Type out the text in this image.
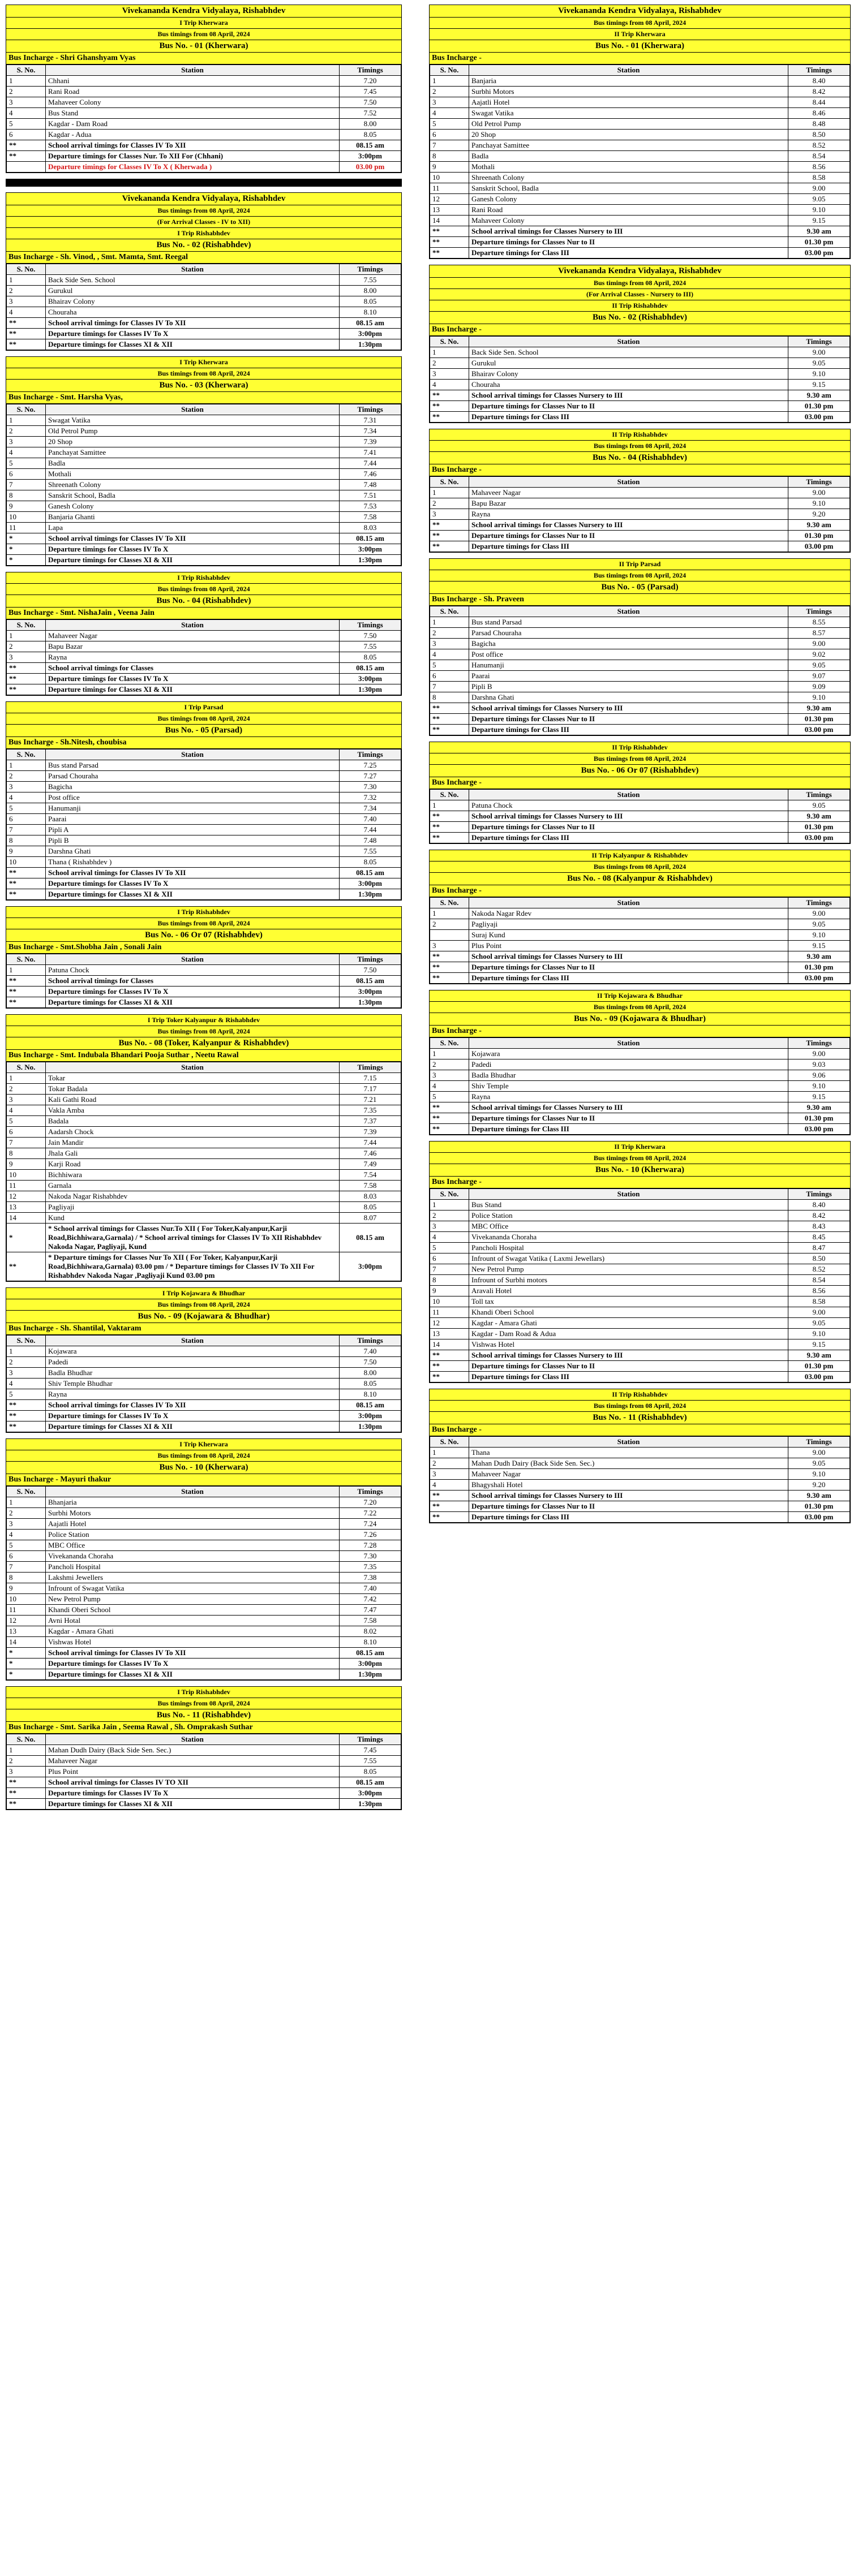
Vivekananda Kendra Vidyalaya, Rishabhdev
I Trip Kherwara
Bus timings from 08 April, 2024
Bus No. - 01 (Kherwara)
Bus Incharge - Shri Ghanshyam Vyas
S. No.	Station	Timings
1	Chhani	7.20
2	Rani Road	7.45
3	Mahaveer Colony	7.50
4	Bus Stand	7.52
5	Kagdar - Dam Road	8.00
6	Kagdar - Adua	8.05
**	School arrival timings for Classes IV To XII	08.15 am
**	Departure timings for Classes Nur. To XII For (Chhani)	3:00pm
	Departure timings for Classes IV To X ( Kherwada )	03.00 pm
Vivekananda Kendra Vidyalaya, Rishabhdev
Bus timings from 08 April, 2024
(For Arrival Classes - IV to XII)
I Trip Rishabhdev
Bus No. - 02 (Rishabhdev)
Bus Incharge - Sh. Vinod, , Smt. Mamta, Smt. Reegal
S. No.	Station	Timings
1	Back Side Sen. School	7.55
2	Gurukul	8.00
3	Bhairav Colony	8.05
4	Chouraha	8.10
**	School arrival timings for Classes IV To XII	08.15 am
**	Departure timings for Classes IV To X	3:00pm
**	Departure timings for Classes XI & XII	1:30pm
I Trip Kherwara
Bus timings from 08 April, 2024
Bus No. - 03 (Kherwara)
Bus Incharge - Smt. Harsha Vyas,
S. No.	Station	Timings
1	Swagat Vatika	7.31
2	Old Petrol Pump	7.34
3	20 Shop	7.39
4	Panchayat Samittee	7.41
5	Badla	7.44
6	Mothali	7.46
7	Shreenath Colony	7.48
8	Sanskrit School, Badla	7.51
9	Ganesh Colony	7.53
10	Banjaria Ghanti	7.58
11	Lapa	8.03
*	School arrival timings for Classes IV To XII	08.15 am
*	Departure timings for Classes IV To X	3:00pm
*	Departure timings for Classes XI & XII	1:30pm
I Trip Rishabhdev
Bus timings from 08 April, 2024
Bus No. - 04 (Rishabhdev)
Bus Incharge - Smt. NishaJain , Veena Jain
S. No.	Station	Timings
1	Mahaveer Nagar	7.50
2	Bapu Bazar	7.55
3	Rayna	8.05
**	School arrival timings for Classes	08.15 am
**	Departure timings for Classes IV To X	3:00pm
**	Departure timings for Classes XI & XII	1:30pm
I Trip Parsad
Bus timings from 08 April, 2024
Bus No. - 05 (Parsad)
Bus Incharge - Sh.Nitesh, choubisa
S. No.	Station	Timings
1	Bus stand Parsad	7.25
2	Parsad Chouraha	7.27
3	Bagicha	7.30
4	Post office	7.32
5	Hanumanji	7.34
6	Paarai	7.40
7	Pipli A	7.44
8	Pipli B	7.48
9	Darshna Ghati	7.55
10	Thana ( Rishabhdev )	8.05
**	School arrival timings for Classes IV To XII	08.15 am
**	Departure timings for Classes IV To X	3:00pm
**	Departure timings for Classes XI & XII	1:30pm
I Trip Rishabhdev
Bus timings from 08 April, 2024
Bus No. - 06 Or 07 (Rishabhdev)
Bus Incharge - Smt.Shobha Jain , Sonali Jain
S. No.	Station	Timings
1	Patuna Chock	7.50
**	School arrival timings for Classes	08.15 am
**	Departure timings for Classes IV To X	3:00pm
**	Departure timings for Classes XI & XII	1:30pm
I Trip Toker Kalyanpur & Rishabhdev
Bus timings from 08 April, 2024
Bus No. - 08 (Toker, Kalyanpur & Rishabhdev)
Bus Incharge - Smt. Indubala Bhandari Pooja Suthar , Neetu Rawal
S. No.	Station	Timings
1	Tokar	7.15
2	Tokar Badala	7.17
3	Kali Gathi Road	7.21
4	Vakla Amba	7.35
5	Badala	7.37
6	Aadarsh Chock	7.39
7	Jain Mandir	7.44
8	Jhala Gali	7.46
9	Karji Road	7.49
10	Bichhiwara	7.54
11	Garnala	7.58
12	Nakoda Nagar Rishabhdev	8.03
13	Pagliyaji	8.05
14	Kund	8.07
*	* School arrival timings for Classes Nur.To XII ( For Toker,Kalyanpur,Karji Road,Bichhiwara,Garnala) / * School arrival timings for Classes IV To XII Rishabhdev Nakoda Nagar, Pagliyaji, Kund	08.15 am
**	* Departure timings for Classes Nur To XII ( For Toker, Kalyanpur,Karji Road,Bichhiwara,Garnala) 03.00 pm / * Departure timings for Classes IV To XII For Rishabhdev Nakoda Nagar ,Pagliyaji Kund 03.00 pm	3:00pm
I Trip Kojawara & Bhudhar
Bus timings from 08 April, 2024
Bus No. - 09 (Kojawara & Bhudhar)
Bus Incharge - Sh. Shantilal, Vaktaram
S. No.	Station	Timings
1	Kojawara	7.40
2	Padedi	7.50
3	Badla Bhudhar	8.00
4	Shiv Temple Bhudhar	8.05
5	Rayna	8.10
**	School arrival timings for Classes IV To XII	08.15 am
**	Departure timings for Classes IV To X	3:00pm
**	Departure timings for Classes XI & XII	1:30pm
I Trip Kherwara
Bus timings from 08 April, 2024
Bus No. - 10 (Kherwara)
Bus Incharge - Mayuri thakur
S. No.	Station	Timings
1	Bhanjaria	7.20
2	Surbhi Motors	7.22
3	Aajatli Hotel	7.24
4	Police Station	7.26
5	MBC Office	7.28
6	Vivekananda Choraha	7.30
7	Pancholi Hospital	7.35
8	Lakshmi Jewellers	7.38
9	Infrount of Swagat Vatika	7.40
10	New Petrol Pump	7.42
11	Khandi Oberi School	7.47
12	Avni Hotal	7.58
13	Kagdar - Amara Ghati	8.02
14	Vishwas Hotel	8.10
*	School arrival timings for Classes IV To XII	08.15 am
*	Departure timings for Classes IV To X	3:00pm
*	Departure timings for Classes XI & XII	1:30pm
I Trip Rishabhdev
Bus timings from 08 April, 2024
Bus No. - 11 (Rishabhdev)
Bus Incharge - Smt. Sarika Jain , Seema Rawal , Sh. Omprakash Suthar
S. No.	Station	Timings
1	Mahan Dudh Dairy (Back Side Sen. Sec.)	7.45
2	Mahaveer Nagar	7.55
3	Plus Point	8.05
**	School arrival timings for Classes IV TO XII	08.15 am
**	Departure timings for Classes IV To X	3:00pm
**	Departure timings for Classes XI & XII	1:30pm
Vivekananda Kendra Vidyalaya, Rishabhdev
Bus timings from 08 April, 2024
II Trip Kherwara
Bus No. - 01 (Kherwara)
Bus Incharge -
S. No.	Station	Timings
1	Banjaria	8.40
2	Surbhi Motors	8.42
3	Aajatli Hotel	8.44
4	Swagat Vatika	8.46
5	Old Petrol Pump	8.48
6	20 Shop	8.50
7	Panchayat Samittee	8.52
8	Badla	8.54
9	Mothali	8.56
10	Shreenath Colony	8.58
11	Sanskrit School, Badla	9.00
12	Ganesh Colony	9.05
13	Rani Road	9.10
14	Mahaveer Colony	9.15
**	School arrival timings for Classes Nursery to III	9.30 am
**	Departure timings for Classes Nur to II	01.30 pm
**	Departure timings for Class III	03.00 pm
Vivekananda Kendra Vidyalaya, Rishabhdev
Bus timings from 08 April, 2024
(For Arrival Classes - Nursery to III)
II Trip Rishabhdev
Bus No. - 02 (Rishabhdev)
Bus Incharge -
S. No.	Station	Timings
1	Back Side Sen. School	9.00
2	Gurukul	9.05
3	Bhairav Colony	9.10
4	Chouraha	9.15
**	School arrival timings for Classes Nursery to III	9.30 am
**	Departure timings for Classes Nur to II	01.30 pm
**	Departure timings for Class III	03.00 pm
II Trip Rishabhdev
Bus timings from 08 April, 2024
Bus No. - 04 (Rishabhdev)
Bus Incharge -
S. No.	Station	Timings
1	Mahaveer Nagar	9.00
2	Bapu Bazar	9.10
3	Rayna	9.20
**	School arrival timings for Classes Nursery to III	9.30 am
**	Departure timings for Classes Nur to II	01.30 pm
**	Departure timings for Class III	03.00 pm
II Trip Parsad
Bus timings from 08 April, 2024
Bus No. - 05 (Parsad)
Bus Incharge - Sh. Praveen
S. No.	Station	Timings
1	Bus stand Parsad	8.55
2	Parsad Chouraha	8.57
3	Bagicha	9.00
4	Post office	9.02
5	Hanumanji	9.05
6	Paarai	9.07
7	Pipli B	9.09
8	Darshna Ghati	9.10
**	School arrival timings for Classes Nursery to III	9.30 am
**	Departure timings for Classes Nur to II	01.30 pm
**	Departure timings for Class III	03.00 pm
II Trip Rishabhdev
Bus timings from 08 April, 2024
Bus No. - 06 Or 07 (Rishabhdev)
Bus Incharge -
S. No.	Station	Timings
1	Patuna Chock	9.05
**	School arrival timings for Classes Nursery to III	9.30 am
**	Departure timings for Classes Nur to II	01.30 pm
**	Departure timings for Class III	03.00 pm
II Trip Kalyanpur & Rishabhdev
Bus timings from 08 April, 2024
Bus No. - 08 (Kalyanpur & Rishabhdev)
Bus Incharge -
S. No.	Station	Timings
1	Nakoda Nagar Rdev	9.00
2	Pagliyaji	9.05
	Suraj Kund	9.10
3	Plus Point	9.15
**	School arrival timings for Classes Nursery to III	9.30 am
**	Departure timings for Classes Nur to II	01.30 pm
**	Departure timings for Class III	03.00 pm
II Trip Kojawara & Bhudhar
Bus timings from 08 April, 2024
Bus No. - 09 (Kojawara & Bhudhar)
Bus Incharge -
S. No.	Station	Timings
1	Kojawara	9.00
2	Padedi	9.03
3	Badla Bhudhar	9.06
4	Shiv Temple	9.10
5	Rayna	9.15
**	School arrival timings for Classes Nursery to III	9.30 am
**	Departure timings for Classes Nur to II	01.30 pm
**	Departure timings for Class III	03.00 pm
II Trip Kherwara
Bus timings from 08 April, 2024
Bus No. - 10 (Kherwara)
Bus Incharge -
S. No.	Station	Timings
1	Bus Stand	8.40
2	Police Station	8.42
3	MBC Office	8.43
4	Vivekananda Choraha	8.45
5	Pancholi Hospital	8.47
6	Infrount of Swagat Vatika ( Laxmi Jewellars)	8.50
7	New Petrol Pump	8.52
8	Infrount of Surbhi motors	8.54
9	Aravali Hotel	8.56
10	Toll tax	8.58
11	Khandi Oberi School	9.00
12	Kagdar - Amara Ghati	9.05
13	Kagdar - Dam Road & Adua	9.10
14	Vishwas Hotel	9.15
**	School arrival timings for Classes Nursery to III	9.30 am
**	Departure timings for Classes Nur to II	01.30 pm
**	Departure timings for Class III	03.00 pm
II Trip Rishabhdev
Bus timings from 08 April, 2024
Bus No. - 11 (Rishabhdev)
Bus Incharge -
S. No.	Station	Timings
1	Thana	9.00
2	Mahan Dudh Dairy (Back Side Sen. Sec.)	9.05
3	Mahaveer Nagar	9.10
4	Bhagyshali Hotel	9.20
**	School arrival timings for Classes Nursery to III	9.30 am
**	Departure timings for Classes Nur to II	01.30 pm
**	Departure timings for Class III	03.00 pm
